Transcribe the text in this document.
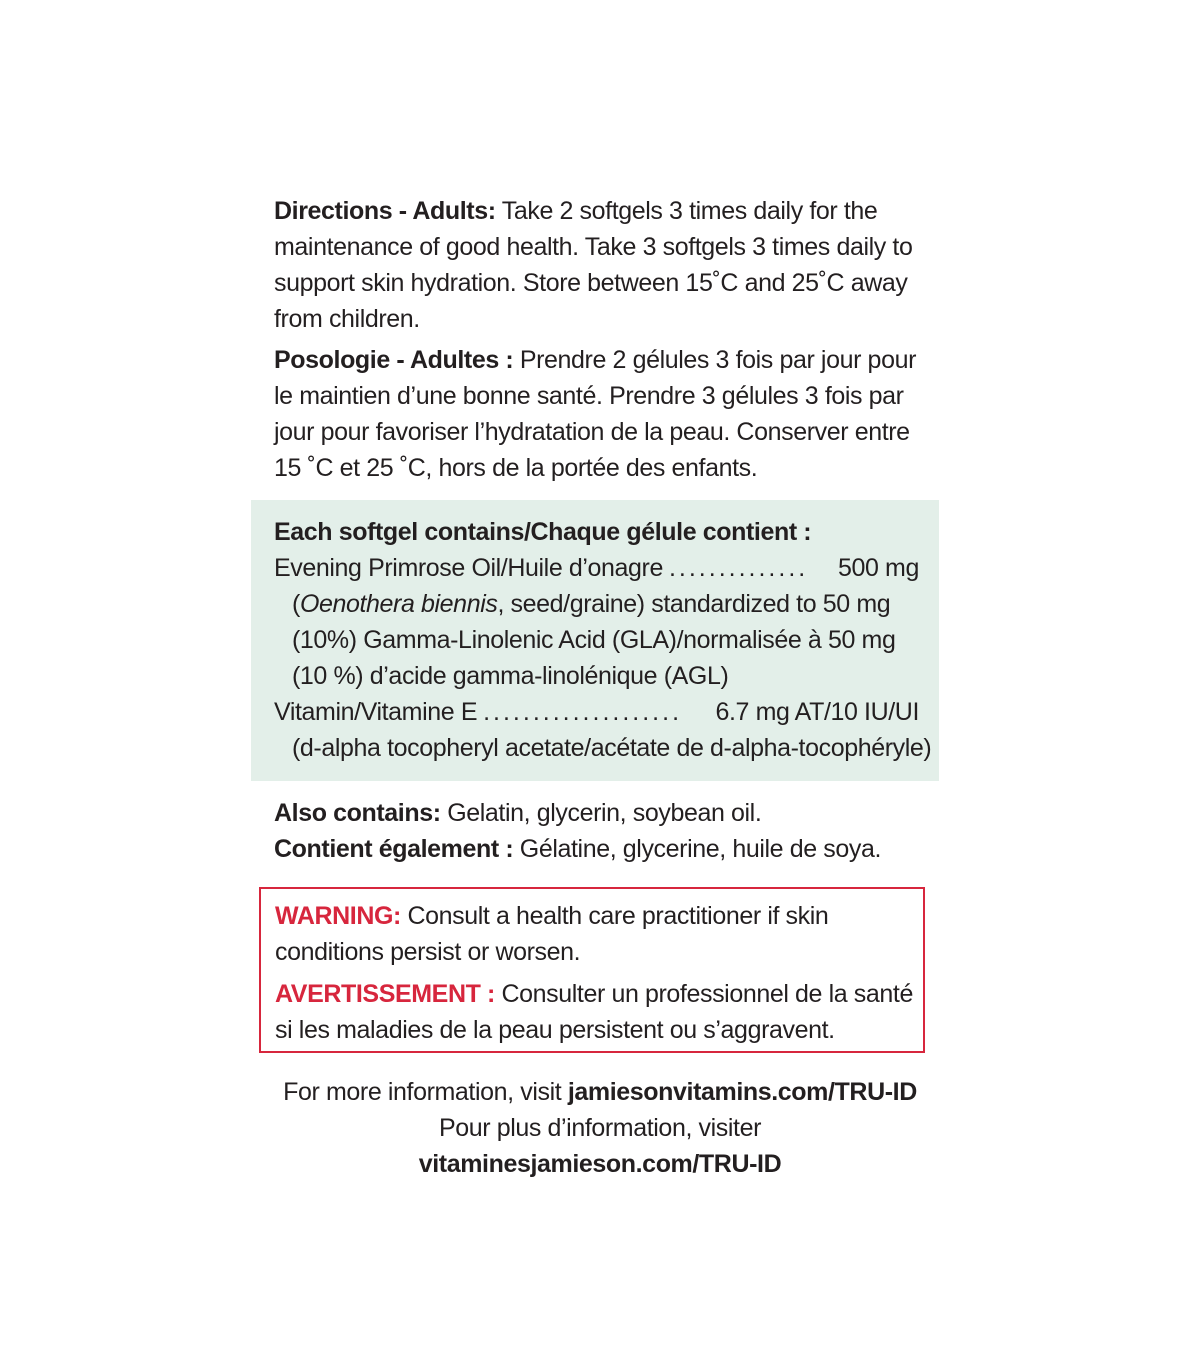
Directions - Adults: Take 2 softgels 3 times daily for the maintenance of good health. Take 3 softgels 3 times daily to support skin hydration. Store between 15˚C and 25˚C away from children.

Posologie - Adultes : Prendre 2 gélules 3 fois par jour pour le maintien d’une bonne santé. Prendre 3 gélules 3 fois par jour pour favoriser l’hydratation de la peau. Conserver entre 15 ˚C et 25 ˚C, hors de la portée des enfants.

Each softgel contains/Chaque gélule contient :
Evening Primrose Oil/Huile d’onagre ..............	500 mg
(Oenothera biennis, seed/graine) standardized to 50 mg
(10%) Gamma-Linolenic Acid (GLA)/normalisée à 50 mg
(10 %) d’acide gamma-linolénique (AGL)
Vitamin/Vitamine E ....................	6.7 mg AT/10 IU/UI
(d-alpha tocopheryl acetate/acétate de d-alpha-tocophéryle)

Also contains: Gelatin, glycerin, soybean oil.

Contient également : Gélatine, glycerine, huile de soya.

WARNING: Consult a health care practitioner if skin conditions persist or worsen.

AVERTISSEMENT : Consulter un professionnel de la santé si les maladies de la peau persistent ou s’aggravent.

For more information, visit jamiesonvitamins.com/TRU-ID
Pour plus d’information, visiter
vitaminesjamieson.com/TRU-ID
